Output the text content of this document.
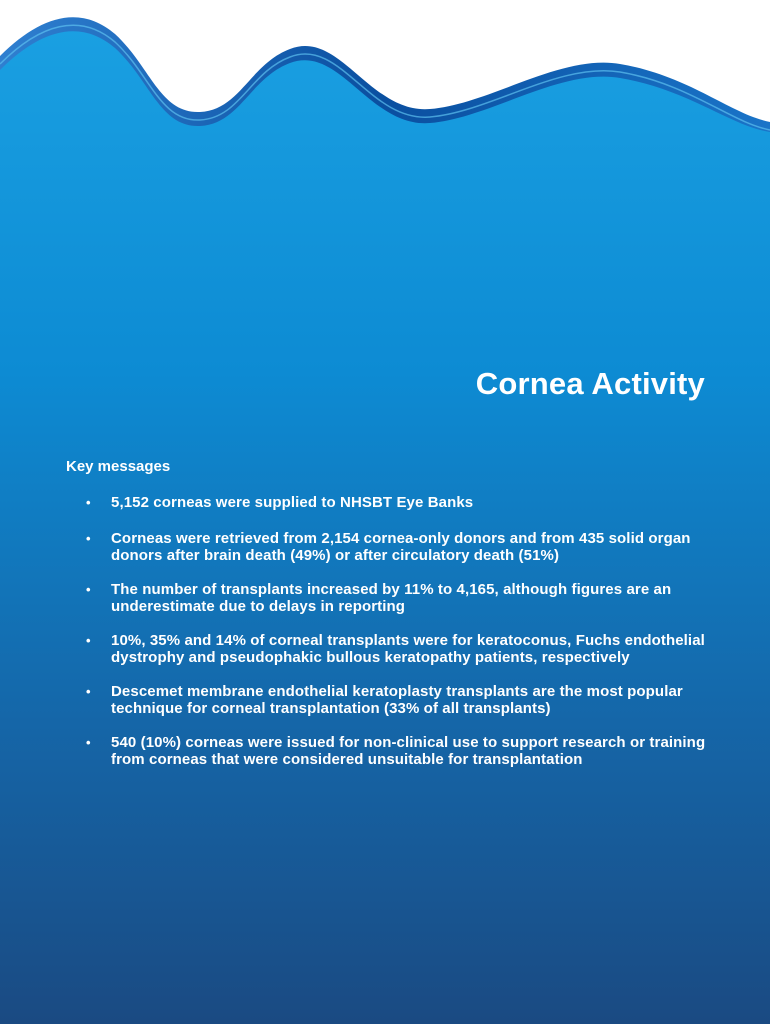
Cornea Activity
Key messages
• 5,152 corneas were supplied to NHSBT Eye Banks
• Corneas were retrieved from 2,154 cornea-only donors and from 435 solid organ donors after brain death (49%) or after circulatory death (51%)
• The number of transplants increased by 11% to 4,165, although figures are an underestimate due to delays in reporting
• 10%, 35% and 14% of corneal transplants were for keratoconus, Fuchs endothelial dystrophy and pseudophakic bullous keratopathy patients, respectively
• Descemet membrane endothelial keratoplasty transplants are the most popular technique for corneal transplantation (33% of all transplants)
• 540 (10%) corneas were issued for non-clinical use to support research or training from corneas that were considered unsuitable for transplantation
